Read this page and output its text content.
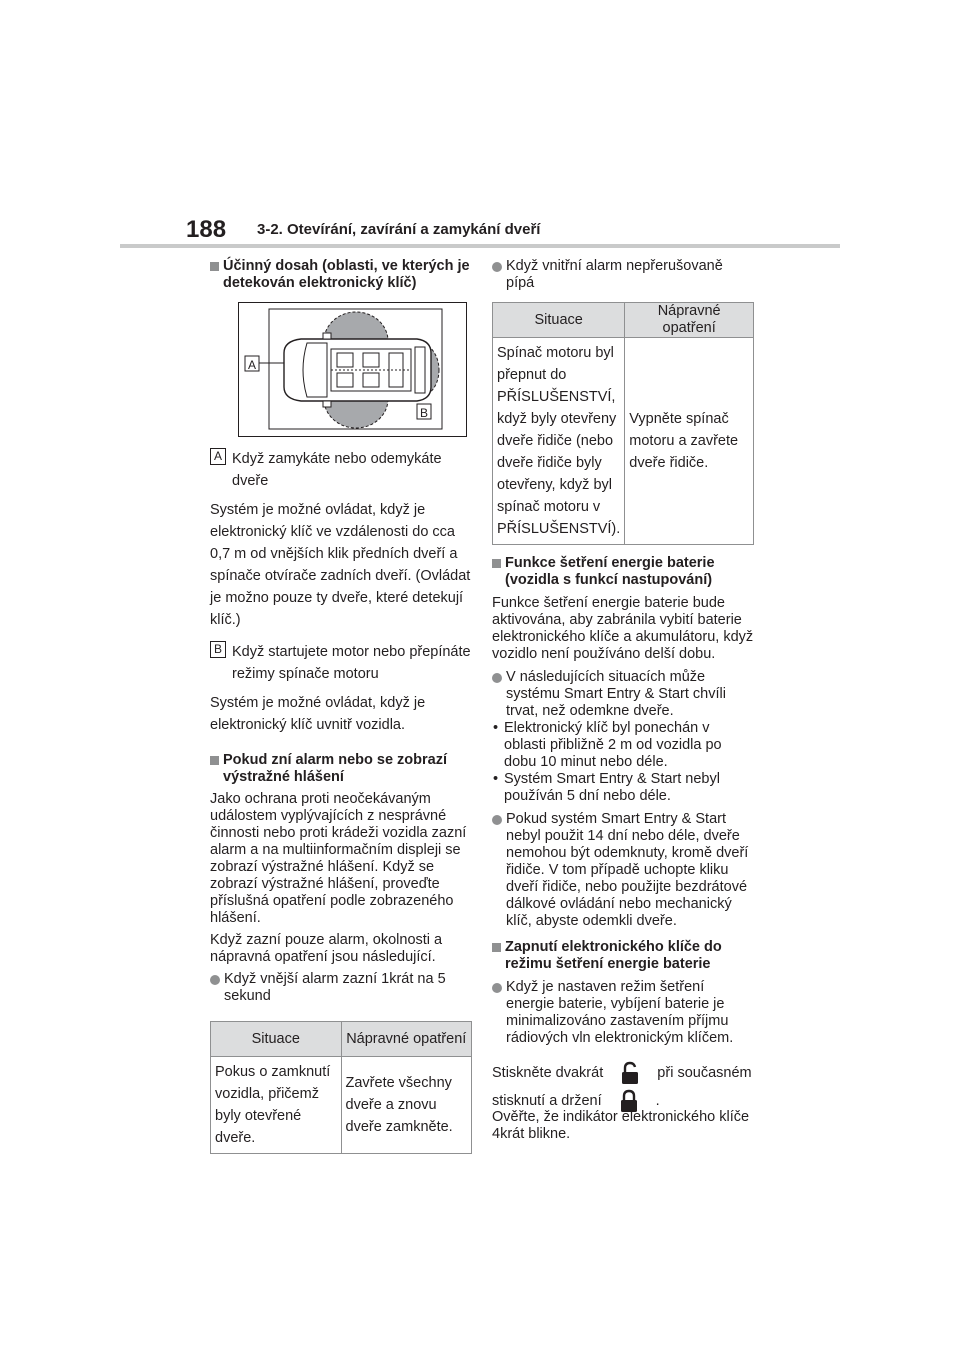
188 3-2. Otevírání, zavírání a zamykání dveří
Účinný dosah (oblasti, ve kterých je detekován elektronický klíč)
A
B
A Když zamykáte nebo odemykáte dveře

Systém je možné ovládat, když je elektronický klíč ve vzdálenosti do cca 0,7 m od vnějších klik předních dveří a spínače otvírače zadních dveří. (Ovládat je možno pouze ty dveře, které detekují klíč.)

B Když startujete motor nebo přepínáte režimy spínače motoru

Systém je možné ovládat, když je elektronický klíč uvnitř vozidla.

Pokud zní alarm nebo se zobrazí výstražné hlášení

Jako ochrana proti neočekávaným událostem vyplývajících z nesprávné činnosti nebo proti krádeži vozidla zazní alarm a na multiinformačním displeji se zobrazí výstražné hlášení. Když se zobrazí výstražné hlášení, proveďte příslušná opatření podle zobrazeného hlášení.

Když zazní pouze alarm, okolnosti a nápravná opatření jsou následující.

Když vnější alarm zazní 1krát na 5 sekund
Situace	Nápravné opatření
Pokus o zamknutí vozidla, přičemž byly otevřené dveře.	Zavřete všechny dveře a znovu dveře zamkněte.
Když vnitřní alarm nepřerušovaně pípá
Situace	Nápravné opatření
Spínač motoru byl přepnut do PŘÍSLUŠENSTVÍ, když byly otevřeny dveře řidiče (nebo dveře řidiče byly otevřeny, když byl spínač motoru v PŘÍSLUŠENSTVÍ).	Vypněte spínač motoru a zavřete dveře řidiče.
Funkce šetření energie baterie (vozidla s funkcí nastupování)

Funkce šetření energie baterie bude aktivována, aby zabránila vybití baterie elektronického klíče a akumulátoru, když vozidlo není používáno delší dobu.

V následujících situacích může systému Smart Entry & Start chvíli trvat, než odemkne dveře.
• Elektronický klíč byl ponechán v oblasti přibližně 2 m od vozidla po dobu 10 minut nebo déle.
• Systém Smart Entry & Start nebyl používán 5 dní nebo déle.
Pokud systém Smart Entry & Start nebyl použit 14 dní nebo déle, dveře nemohou být odemknuty, kromě dveří řidiče. V tom případě uchopte kliku dveří řidiče, nebo použijte bezdrátové dálkové ovládání nebo mechanický klíč, abyste odemkli dveře.
Zapnutí elektronického klíče do režimu šetření energie baterie
Když je nastaven režim šetření energie baterie, vybíjení baterie je minimalizováno zastavením příjmu rádiových vln elektronickým klíčem.
Stiskněte dvakrát	při současném
stisknutí a držení	.

Ověřte, že indikátor elektronického klíče 4krát blikne.
